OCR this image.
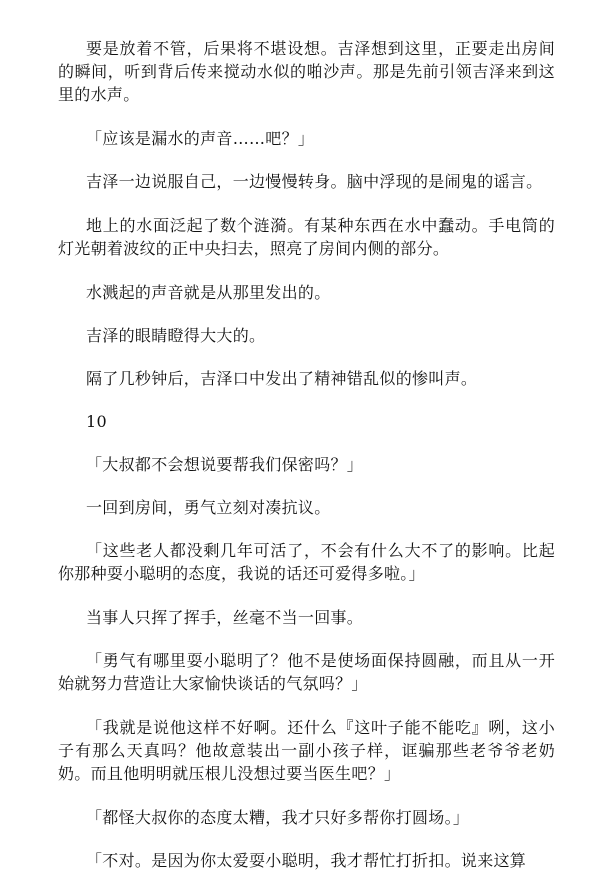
要是放着不管，后果将不堪设想。吉泽想到这里，正要走出房间的瞬间，听到背后传来搅动水似的啪沙声。那是先前引领吉泽来到这里的水声。

「应该是漏水的声音……吧？」

吉泽一边说服自己，一边慢慢转身。脑中浮现的是闹鬼的谣言。

地上的水面泛起了数个涟漪。有某种东西在水中蠢动。手电筒的灯光朝着波纹的正中央扫去，照亮了房间内侧的部分。

水溅起的声音就是从那里发出的。

吉泽的眼睛瞪得大大的。

隔了几秒钟后，吉泽口中发出了精神错乱似的惨叫声。

10

「大叔都不会想说要帮我们保密吗？」

一回到房间，勇气立刻对凑抗议。

「这些老人都没剩几年可活了，不会有什么大不了的影响。比起你那种耍小聪明的态度，我说的话还可爱得多啦。」

当事人只挥了挥手，丝毫不当一回事。

「勇气有哪里耍小聪明了？他不是使场面保持圆融，而且从一开始就努力营造让大家愉快谈话的气氛吗？」

「我就是说他这样不好啊。还什么『这叶子能不能吃』咧，这小子有那么天真吗？他故意装出一副小孩子样，诓骗那些老爷爷老奶奶。而且他明明就压根儿没想过要当医生吧？」

「都怪大叔你的态度太糟，我才只好多帮你打圆场。」

「不对。是因为你太爱耍小聪明，我才帮忙打折扣。说来这算
